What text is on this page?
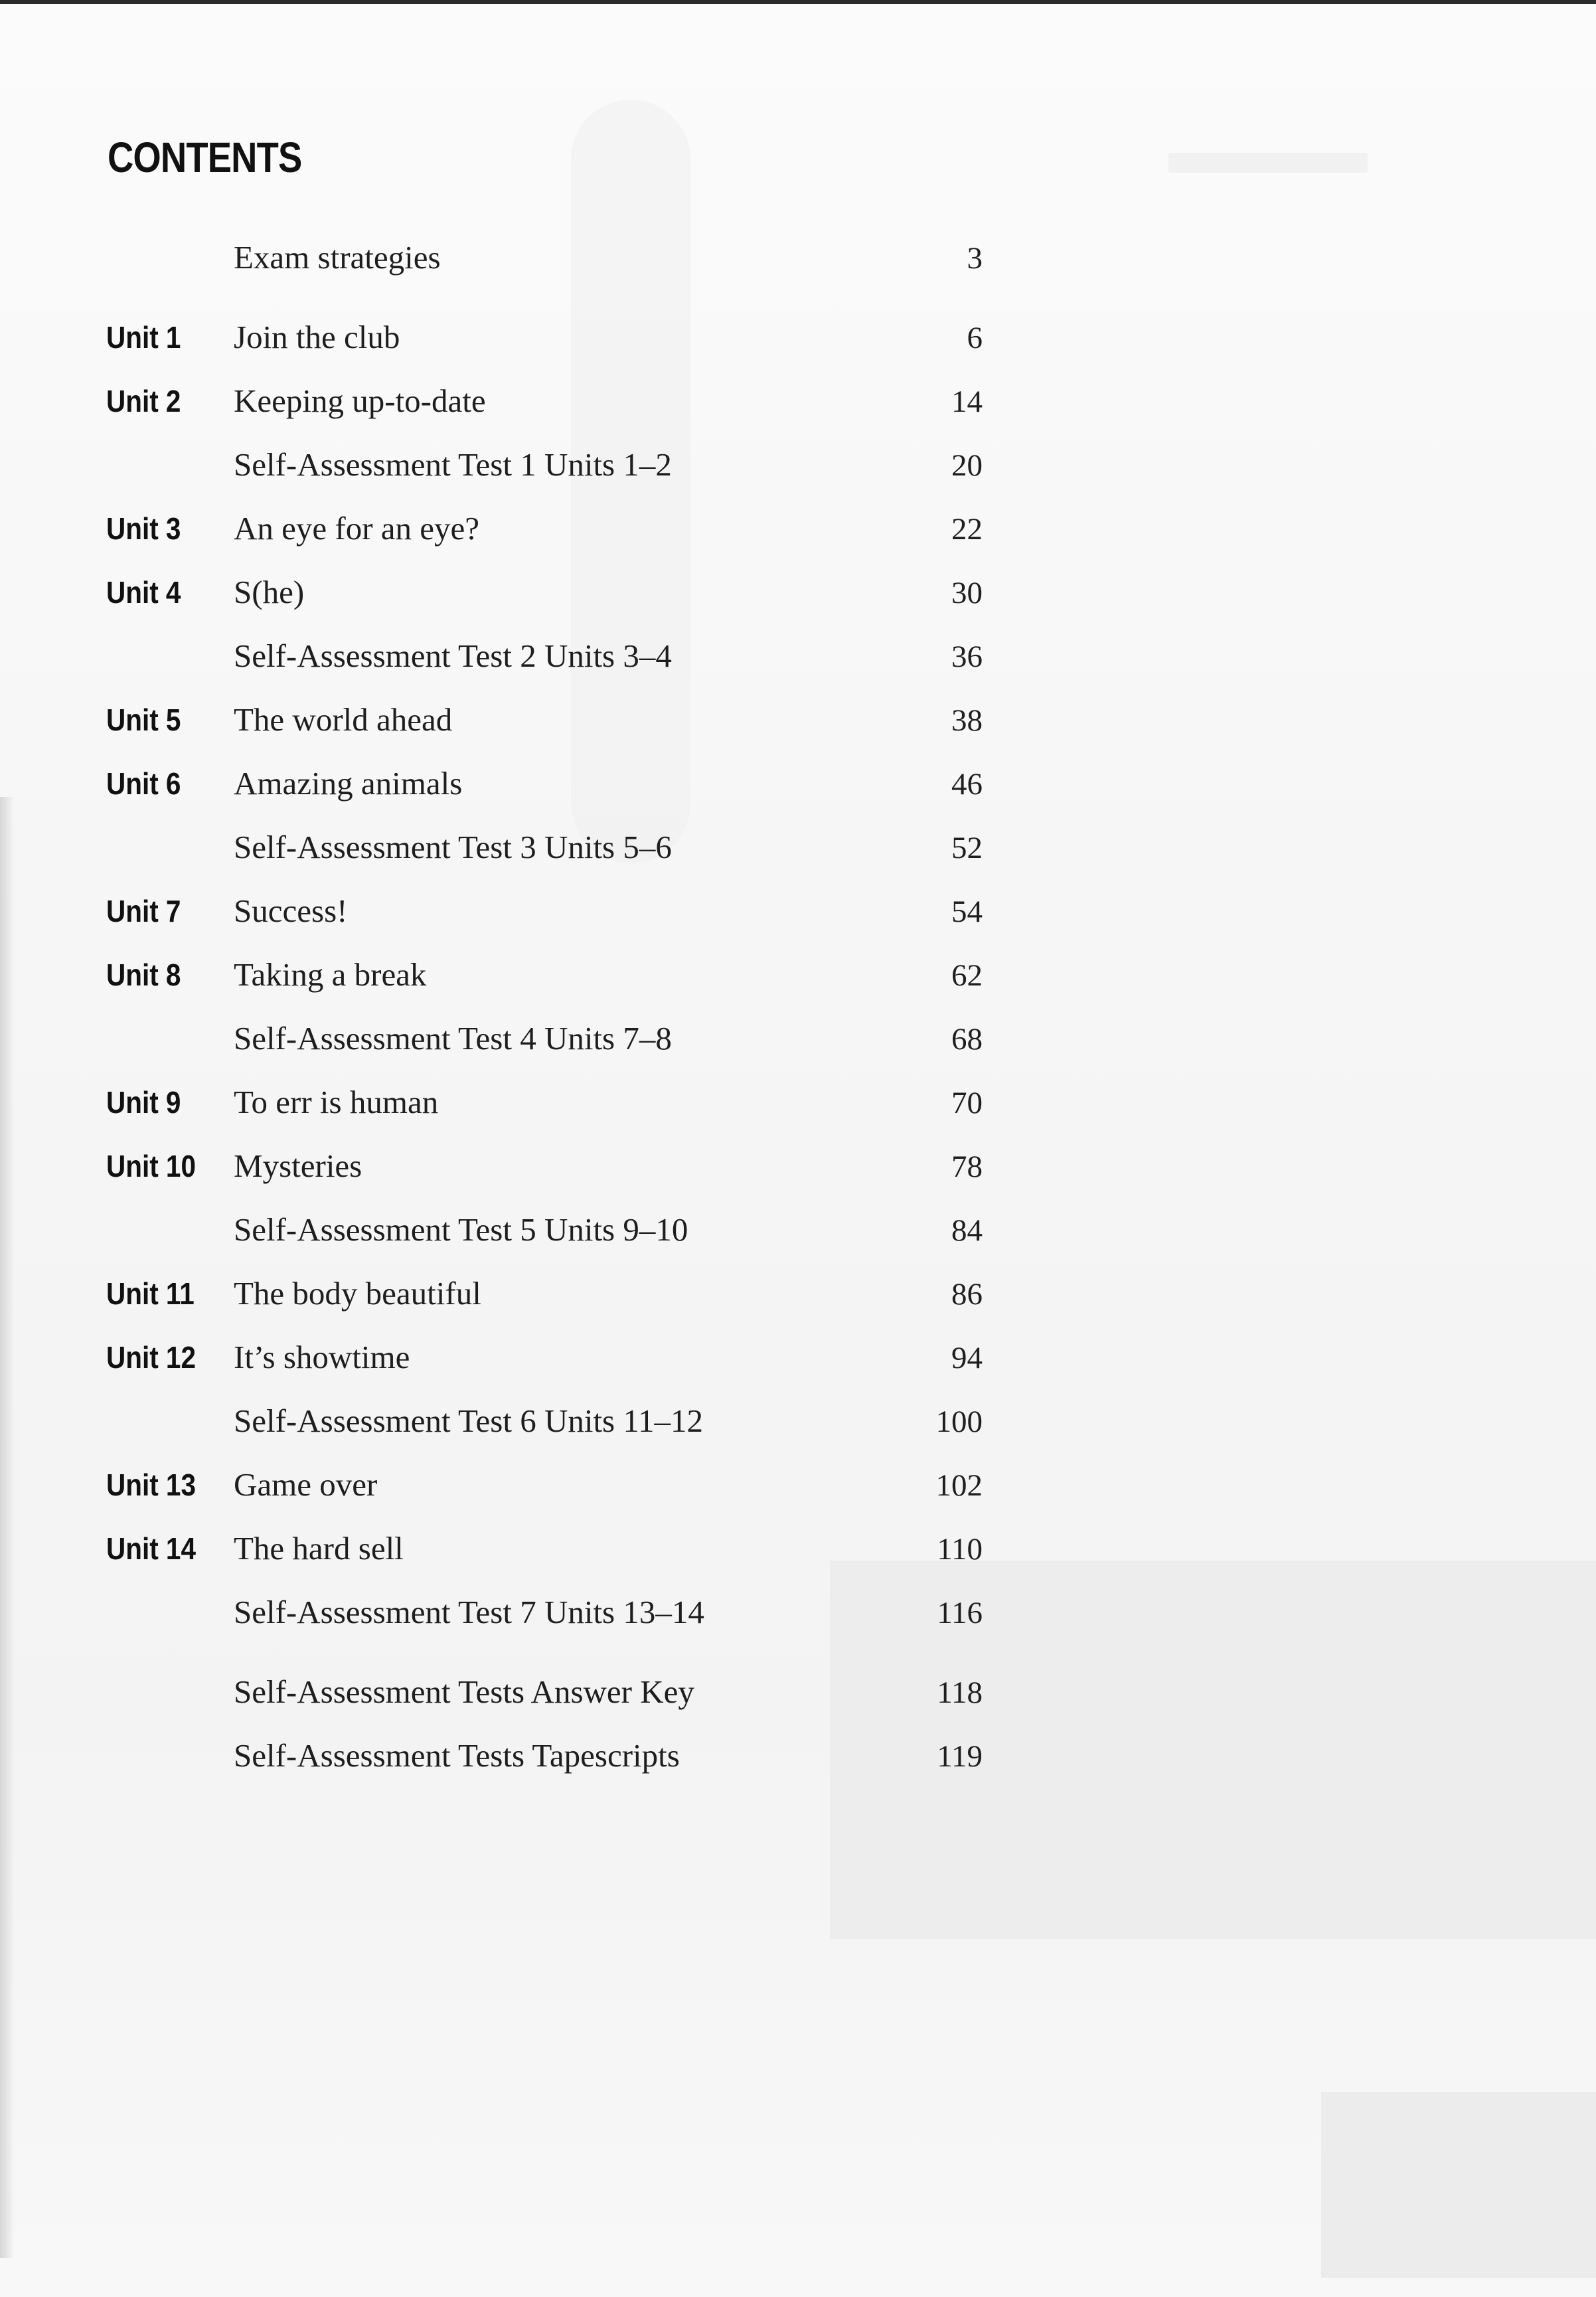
CONTENTS
Exam strategies	3
Unit 1	Join the club	6
Unit 2	Keeping up-to-date	14
Self-Assessment Test 1 Units 1–2	20
Unit 3	An eye for an eye?	22
Unit 4	S(he)	30
Self-Assessment Test 2 Units 3–4	36
Unit 5	The world ahead	38
Unit 6	Amazing animals	46
Self-Assessment Test 3 Units 5–6	52
Unit 7	Success!	54
Unit 8	Taking a break	62
Self-Assessment Test 4 Units 7–8	68
Unit 9	To err is human	70
Unit 10	Mysteries	78
Self-Assessment Test 5 Units 9–10	84
Unit 11	The body beautiful	86
Unit 12	It’s showtime	94
Self-Assessment Test 6 Units 11–12	100
Unit 13	Game over	102
Unit 14	The hard sell	110
Self-Assessment Test 7 Units 13–14	116
Self-Assessment Tests Answer Key	118
Self-Assessment Tests Tapescripts	119
